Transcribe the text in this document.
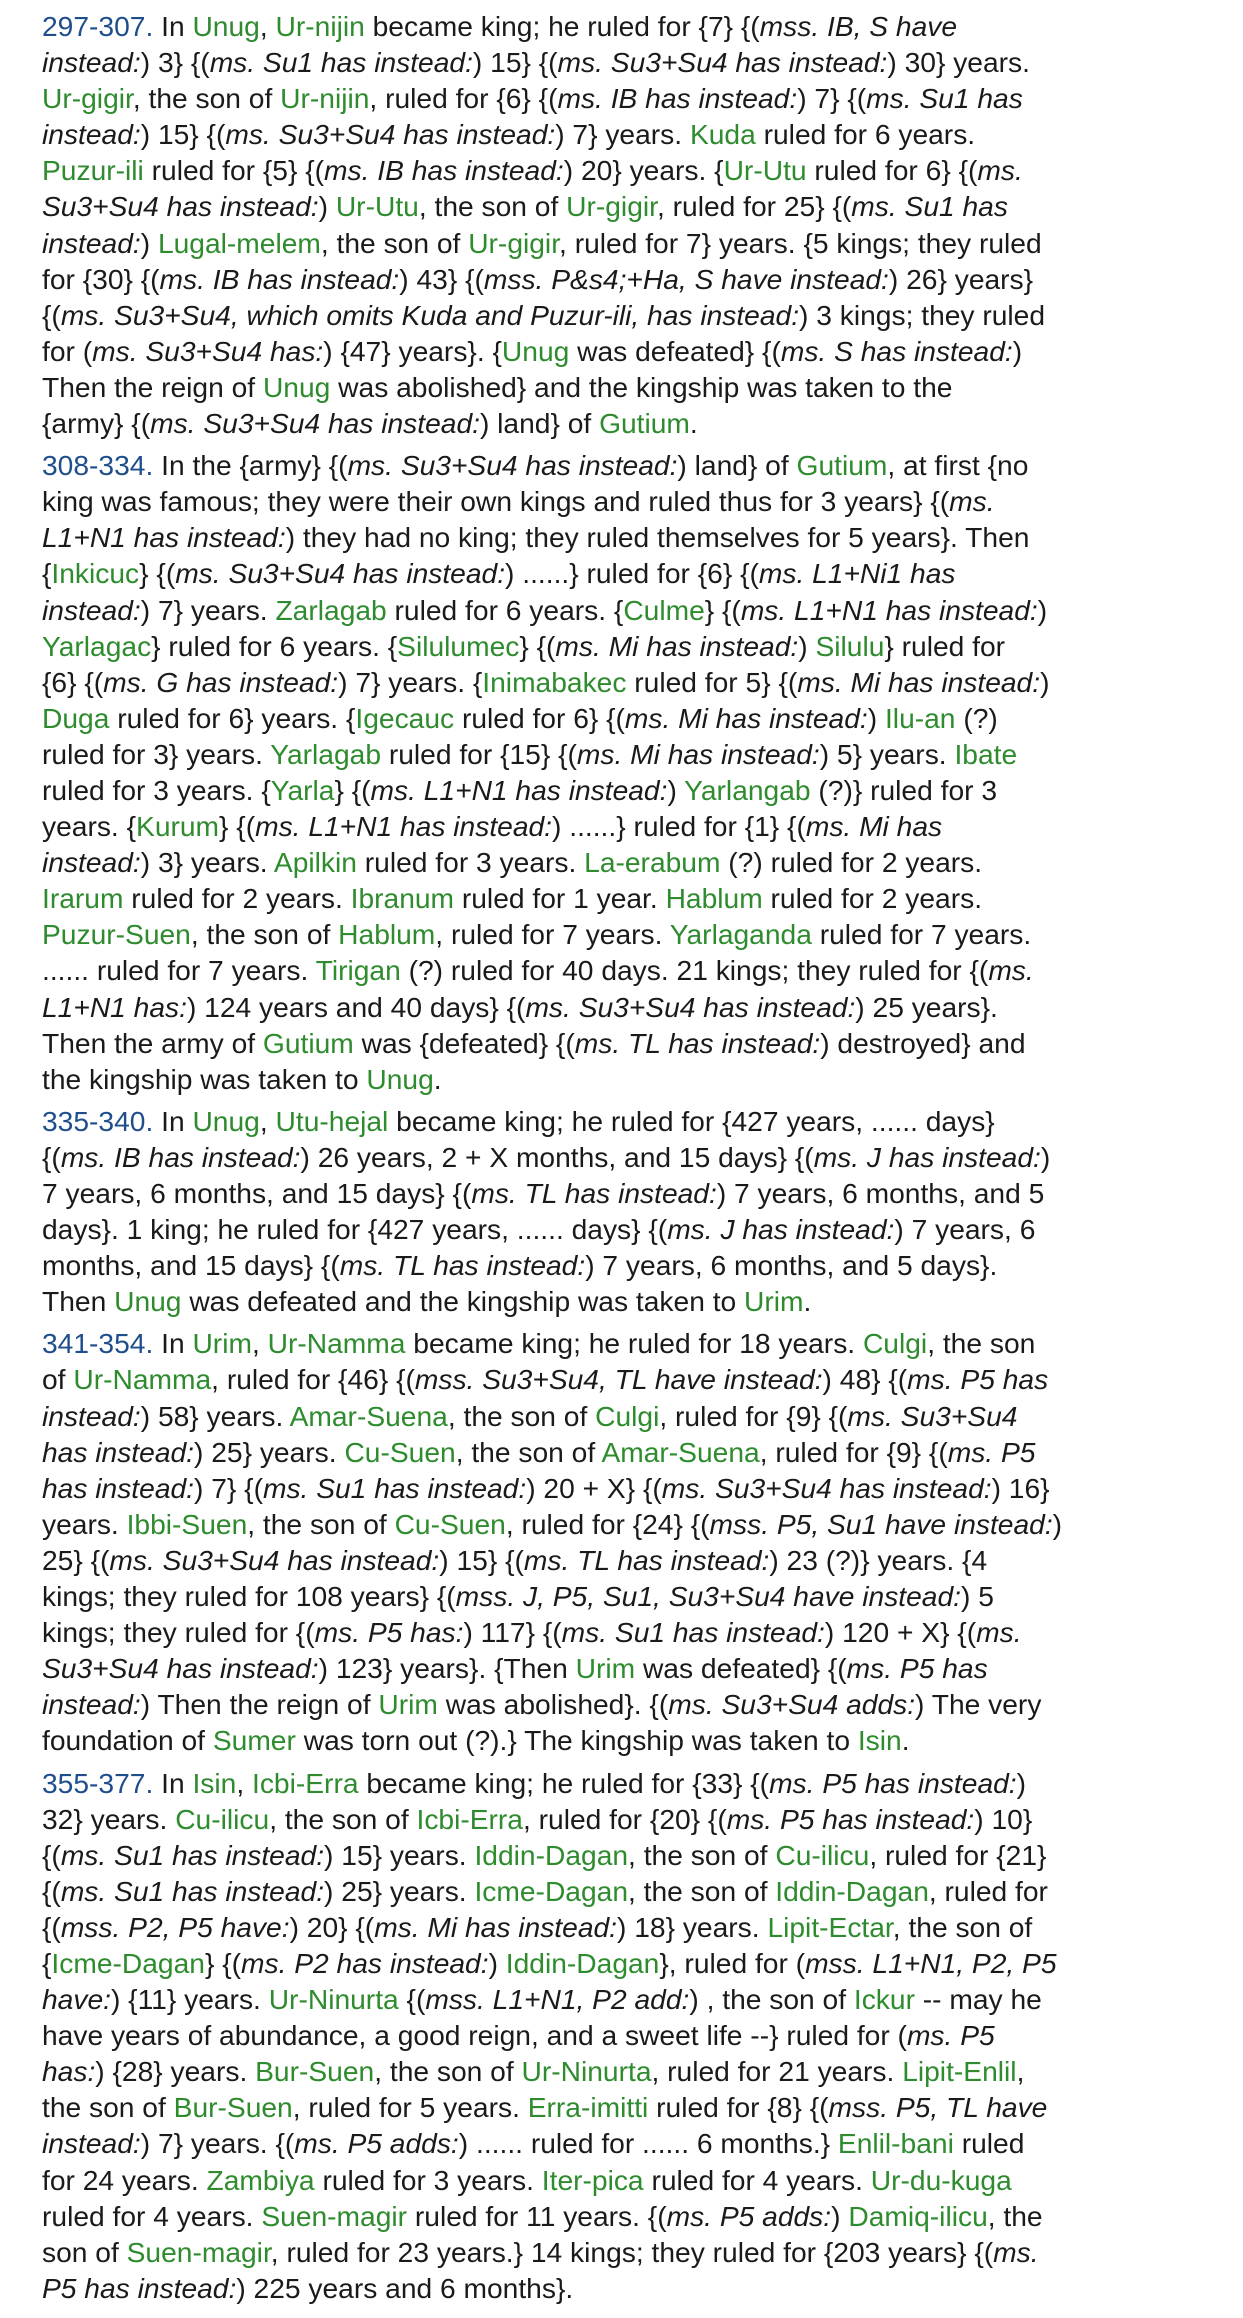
297-307. In Unug, Ur-nijin became king; he ruled for {7} {(mss. IB, S have
instead:) 3} {(ms. Su1 has instead:) 15} {(ms. Su3+Su4 has instead:) 30} years.
Ur-gigir, the son of Ur-nijin, ruled for {6} {(ms. IB has instead:) 7} {(ms. Su1 has
instead:) 15} {(ms. Su3+Su4 has instead:) 7} years. Kuda ruled for 6 years.
Puzur-ili ruled for {5} {(ms. IB has instead:) 20} years. {Ur-Utu ruled for 6} {(ms.
Su3+Su4 has instead:) Ur-Utu, the son of Ur-gigir, ruled for 25} {(ms. Su1 has
instead:) Lugal-melem, the son of Ur-gigir, ruled for 7} years. {5 kings; they ruled
for {30} {(ms. IB has instead:) 43} {(mss. P&s4;+Ha, S have instead:) 26} years}
{(ms. Su3+Su4, which omits Kuda and Puzur-ili, has instead:) 3 kings; they ruled
for (ms. Su3+Su4 has:) {47} years}. {Unug was defeated} {(ms. S has instead:)
Then the reign of Unug was abolished} and the kingship was taken to the
{army} {(ms. Su3+Su4 has instead:) land} of Gutium.
308-334. In the {army} {(ms. Su3+Su4 has instead:) land} of Gutium, at first {no
king was famous; they were their own kings and ruled thus for 3 years} {(ms.
L1+N1 has instead:) they had no king; they ruled themselves for 5 years}. Then
{Inkicuc} {(ms. Su3+Su4 has instead:) ......} ruled for {6} {(ms. L1+Ni1 has
instead:) 7} years. Zarlagab ruled for 6 years. {Culme} {(ms. L1+N1 has instead:)
Yarlagac} ruled for 6 years. {Silulumec} {(ms. Mi has instead:) Silulu} ruled for
{6} {(ms. G has instead:) 7} years. {Inimabakec ruled for 5} {(ms. Mi has instead:)
Duga ruled for 6} years. {Igecauc ruled for 6} {(ms. Mi has instead:) Ilu-an (?)
ruled for 3} years. Yarlagab ruled for {15} {(ms. Mi has instead:) 5} years. Ibate
ruled for 3 years. {Yarla} {(ms. L1+N1 has instead:) Yarlangab (?)} ruled for 3
years. {Kurum} {(ms. L1+N1 has instead:) ......} ruled for {1} {(ms. Mi has
instead:) 3} years. Apilkin ruled for 3 years. La-erabum (?) ruled for 2 years.
Irarum ruled for 2 years. Ibranum ruled for 1 year. Hablum ruled for 2 years.
Puzur-Suen, the son of Hablum, ruled for 7 years. Yarlaganda ruled for 7 years.
...... ruled for 7 years. Tirigan (?) ruled for 40 days. 21 kings; they ruled for {(ms.
L1+N1 has:) 124 years and 40 days} {(ms. Su3+Su4 has instead:) 25 years}.
Then the army of Gutium was {defeated} {(ms. TL has instead:) destroyed} and
the kingship was taken to Unug.
335-340. In Unug, Utu-hejal became king; he ruled for {427 years, ...... days}
{(ms. IB has instead:) 26 years, 2 + X months, and 15 days} {(ms. J has instead:)
7 years, 6 months, and 15 days} {(ms. TL has instead:) 7 years, 6 months, and 5
days}. 1 king; he ruled for {427 years, ...... days} {(ms. J has instead:) 7 years, 6
months, and 15 days} {(ms. TL has instead:) 7 years, 6 months, and 5 days}.
Then Unug was defeated and the kingship was taken to Urim.
341-354. In Urim, Ur-Namma became king; he ruled for 18 years. Culgi, the son
of Ur-Namma, ruled for {46} {(mss. Su3+Su4, TL have instead:) 48} {(ms. P5 has
instead:) 58} years. Amar-Suena, the son of Culgi, ruled for {9} {(ms. Su3+Su4
has instead:) 25} years. Cu-Suen, the son of Amar-Suena, ruled for {9} {(ms. P5
has instead:) 7} {(ms. Su1 has instead:) 20 + X} {(ms. Su3+Su4 has instead:) 16}
years. Ibbi-Suen, the son of Cu-Suen, ruled for {24} {(mss. P5, Su1 have instead:)
25} {(ms. Su3+Su4 has instead:) 15} {(ms. TL has instead:) 23 (?)} years. {4
kings; they ruled for 108 years} {(mss. J, P5, Su1, Su3+Su4 have instead:) 5
kings; they ruled for {(ms. P5 has:) 117} {(ms. Su1 has instead:) 120 + X} {(ms.
Su3+Su4 has instead:) 123} years}. {Then Urim was defeated} {(ms. P5 has
instead:) Then the reign of Urim was abolished}. {(ms. Su3+Su4 adds:) The very
foundation of Sumer was torn out (?).} The kingship was taken to Isin.
355-377. In Isin, Icbi-Erra became king; he ruled for {33} {(ms. P5 has instead:)
32} years. Cu-ilicu, the son of Icbi-Erra, ruled for {20} {(ms. P5 has instead:) 10}
{(ms. Su1 has instead:) 15} years. Iddin-Dagan, the son of Cu-ilicu, ruled for {21}
{(ms. Su1 has instead:) 25} years. Icme-Dagan, the son of Iddin-Dagan, ruled for
{(mss. P2, P5 have:) 20} {(ms. Mi has instead:) 18} years. Lipit-Ectar, the son of
{Icme-Dagan} {(ms. P2 has instead:) Iddin-Dagan}, ruled for (mss. L1+N1, P2, P5
have:) {11} years. Ur-Ninurta {(mss. L1+N1, P2 add:) , the son of Ickur -- may he
have years of abundance, a good reign, and a sweet life --} ruled for (ms. P5
has:) {28} years. Bur-Suen, the son of Ur-Ninurta, ruled for 21 years. Lipit-Enlil,
the son of Bur-Suen, ruled for 5 years. Erra-imitti ruled for {8} {(mss. P5, TL have
instead:) 7} years. {(ms. P5 adds:) ...... ruled for ...... 6 months.} Enlil-bani ruled
for 24 years. Zambiya ruled for 3 years. Iter-pica ruled for 4 years. Ur-du-kuga
ruled for 4 years. Suen-magir ruled for 11 years. {(ms. P5 adds:) Damiq-ilicu, the
son of Suen-magir, ruled for 23 years.} 14 kings; they ruled for {203 years} {(ms.
P5 has instead:) 225 years and 6 months}.
